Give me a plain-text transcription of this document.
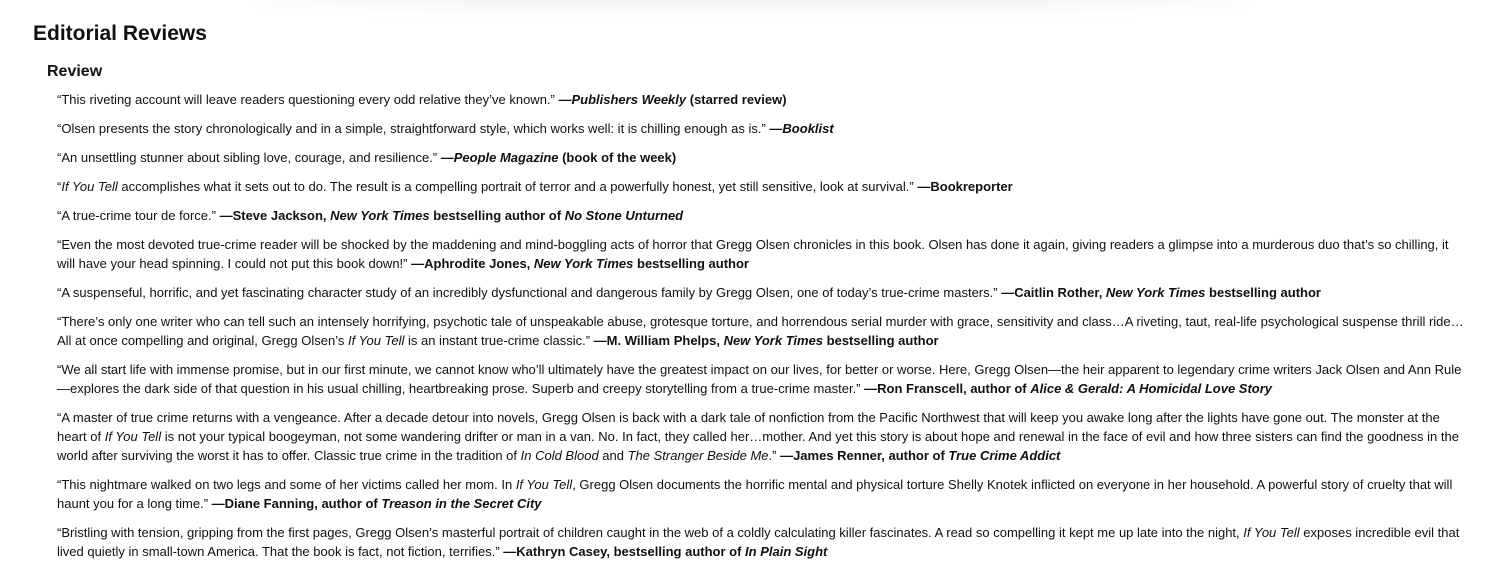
Editorial Reviews
Review

“This riveting account will leave readers questioning every odd relative they’ve known.” —Publishers Weekly (starred review)

“Olsen presents the story chronologically and in a simple, straightforward style, which works well: it is chilling enough as is.” —Booklist

“An unsettling stunner about sibling love, courage, and resilience.” —People Magazine (book of the week)

“If You Tell accomplishes what it sets out to do. The result is a compelling portrait of terror and a powerfully honest, yet still sensitive, look at survival.” —Bookreporter

“A true-crime tour de force.” —Steve Jackson, New York Times bestselling author of No Stone Unturned

“Even the most devoted true-crime reader will be shocked by the maddening and mind-boggling acts of horror that Gregg Olsen chronicles in this book. Olsen has done it again, giving readers a glimpse into a murderous duo that’s so chilling, it will have your head spinning. I could not put this book down!” —Aphrodite Jones, New York Times bestselling author

“A suspenseful, horrific, and yet fascinating character study of an incredibly dysfunctional and dangerous family by Gregg Olsen, one of today’s true-crime masters.” —Caitlin Rother, New York Times bestselling author

“There’s only one writer who can tell such an intensely horrifying, psychotic tale of unspeakable abuse, grotesque torture, and horrendous serial murder with grace, sensitivity and class…A riveting, taut, real-life psychological suspense thrill ride…All at once compelling and original, Gregg Olsen’s If You Tell is an instant true-crime classic.” —M. William Phelps, New York Times bestselling author

“We all start life with immense promise, but in our first minute, we cannot know who’ll ultimately have the greatest impact on our lives, for better or worse. Here, Gregg Olsen—the heir apparent to legendary crime writers Jack Olsen and Ann Rule—explores the dark side of that question in his usual chilling, heartbreaking prose. Superb and creepy storytelling from a true-crime master.” —Ron Franscell, author of Alice & Gerald: A Homicidal Love Story

“A master of true crime returns with a vengeance. After a decade detour into novels, Gregg Olsen is back with a dark tale of nonfiction from the Pacific Northwest that will keep you awake long after the lights have gone out. The monster at the heart of If You Tell is not your typical boogeyman, not some wandering drifter or man in a van. No. In fact, they called her…mother. And yet this story is about hope and renewal in the face of evil and how three sisters can find the goodness in the world after surviving the worst it has to offer. Classic true crime in the tradition of In Cold Blood and The Stranger Beside Me.” —James Renner, author of True Crime Addict

“This nightmare walked on two legs and some of her victims called her mom. In If You Tell, Gregg Olsen documents the horrific mental and physical torture Shelly Knotek inflicted on everyone in her household. A powerful story of cruelty that will haunt you for a long time.” —Diane Fanning, author of Treason in the Secret City

“Bristling with tension, gripping from the first pages, Gregg Olsen’s masterful portrait of children caught in the web of a coldly calculating killer fascinates. A read so compelling it kept me up late into the night, If You Tell exposes incredible evil that lived quietly in small-town America. That the book is fact, not fiction, terrifies.” —Kathryn Casey, bestselling author of In Plain Sight
